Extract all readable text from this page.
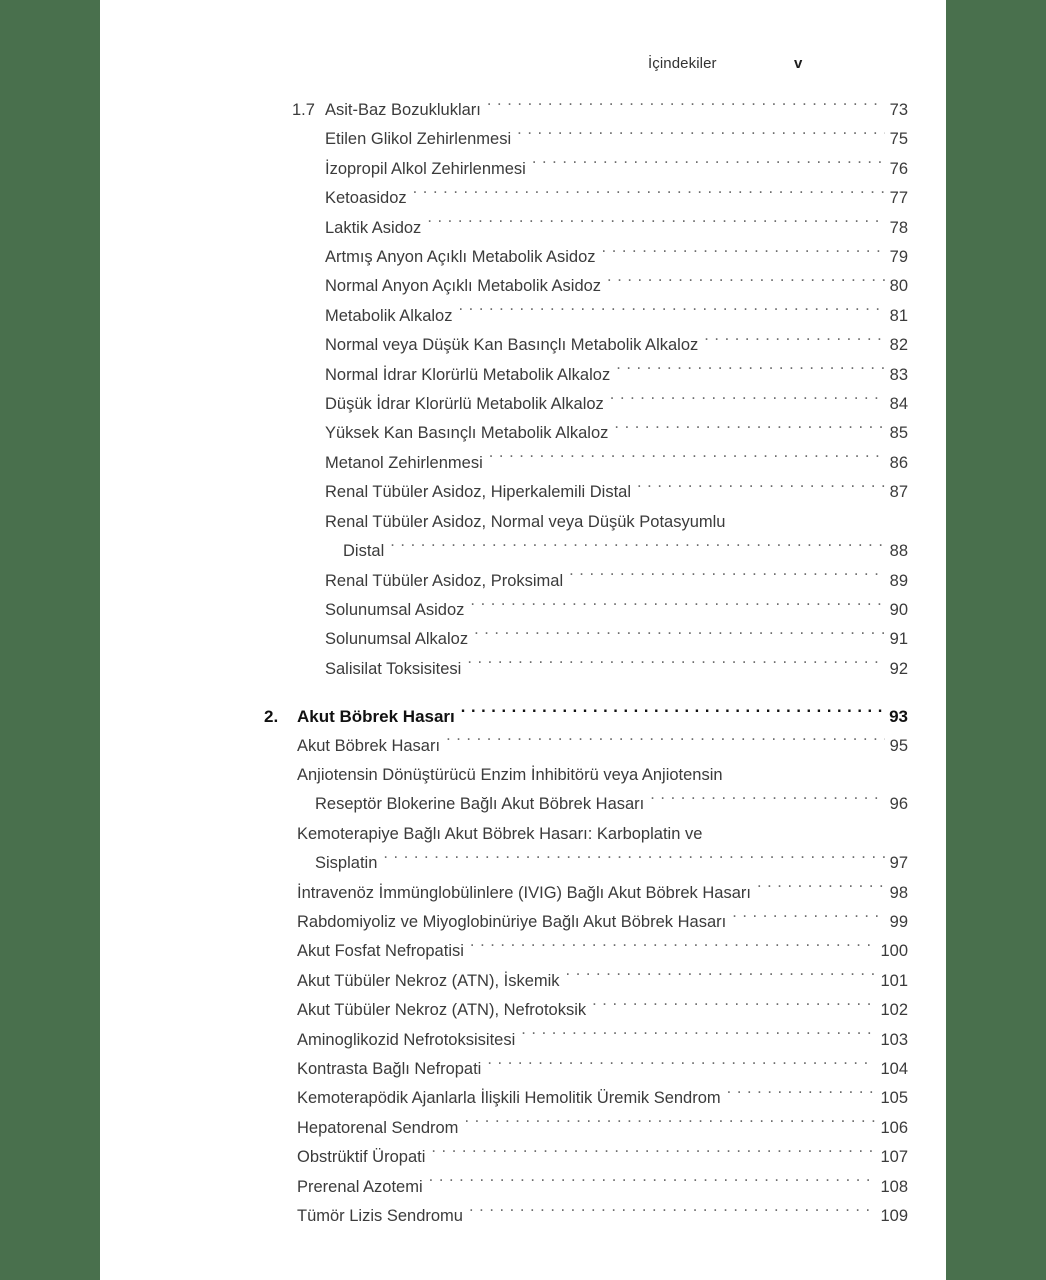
İçindekiler	v
1.7 Asit-Baz Bozuklukları . . .	73
Etilen Glikol Zehirlenmesi . . .	75
İzopropil Alkol Zehirlenmesi . . .	76
Ketoasidoz . . .	77
Laktik Asidoz . . .	78
Artmış Anyon Açıklı Metabolik Asidoz . . .	79
Normal Anyon Açıklı Metabolik Asidoz . . .	80
Metabolik Alkaloz . . .	81
Normal veya Düşük Kan Basınçlı Metabolik Alkaloz . . .	82
Normal İdrar Klorürlü Metabolik Alkaloz . . .	83
Düşük İdrar Klorürlü Metabolik Alkaloz . . .	84
Yüksek Kan Basınçlı Metabolik Alkaloz . . .	85
Metanol Zehirlenmesi . . .	86
Renal Tübüler Asidoz, Hiperkalemili Distal . . .	87
Renal Tübüler Asidoz, Normal veya Düşük Potasyumlu
Distal . . .	88
Renal Tübüler Asidoz, Proksimal . . .	89
Solunumsal Asidoz . . .	90
Solunumsal Alkaloz . . .	91
Salisilat Toksisitesi . . .	92
2.	Akut Böbrek Hasarı . . .	93
Akut Böbrek Hasarı . . .	95
Anjiotensin Dönüştürücü Enzim İnhibitörü veya Anjiotensin
Reseptör Blokerine Bağlı Akut Böbrek Hasarı . . .	96
Kemoterapiye Bağlı Akut Böbrek Hasarı: Karboplatin ve
Sisplatin . . .	97
İntravenöz İmmünglobülinlere (IVIG) Bağlı Akut Böbrek Hasarı . . .	98
Rabdomiyoliz ve Miyoglobinüriye Bağlı Akut Böbrek Hasarı . . .	99
Akut Fosfat Nefropatisi . . .	100
Akut Tübüler Nekroz (ATN), İskemik . . .	101
Akut Tübüler Nekroz (ATN), Nefrotoksik . . .	102
Aminoglikozid Nefrotoksisitesi . . .	103
Kontrasta Bağlı Nefropati . . .	104
Kemoterapödik Ajanlarla İlişkili Hemolitik Üremik Sendrom . . .	105
Hepatorenal Sendrom . . .	106
Obstrüktif Üropati . . .	107
Prerenal Azotemi . . .	108
Tümör Lizis Sendromu . . .	109
